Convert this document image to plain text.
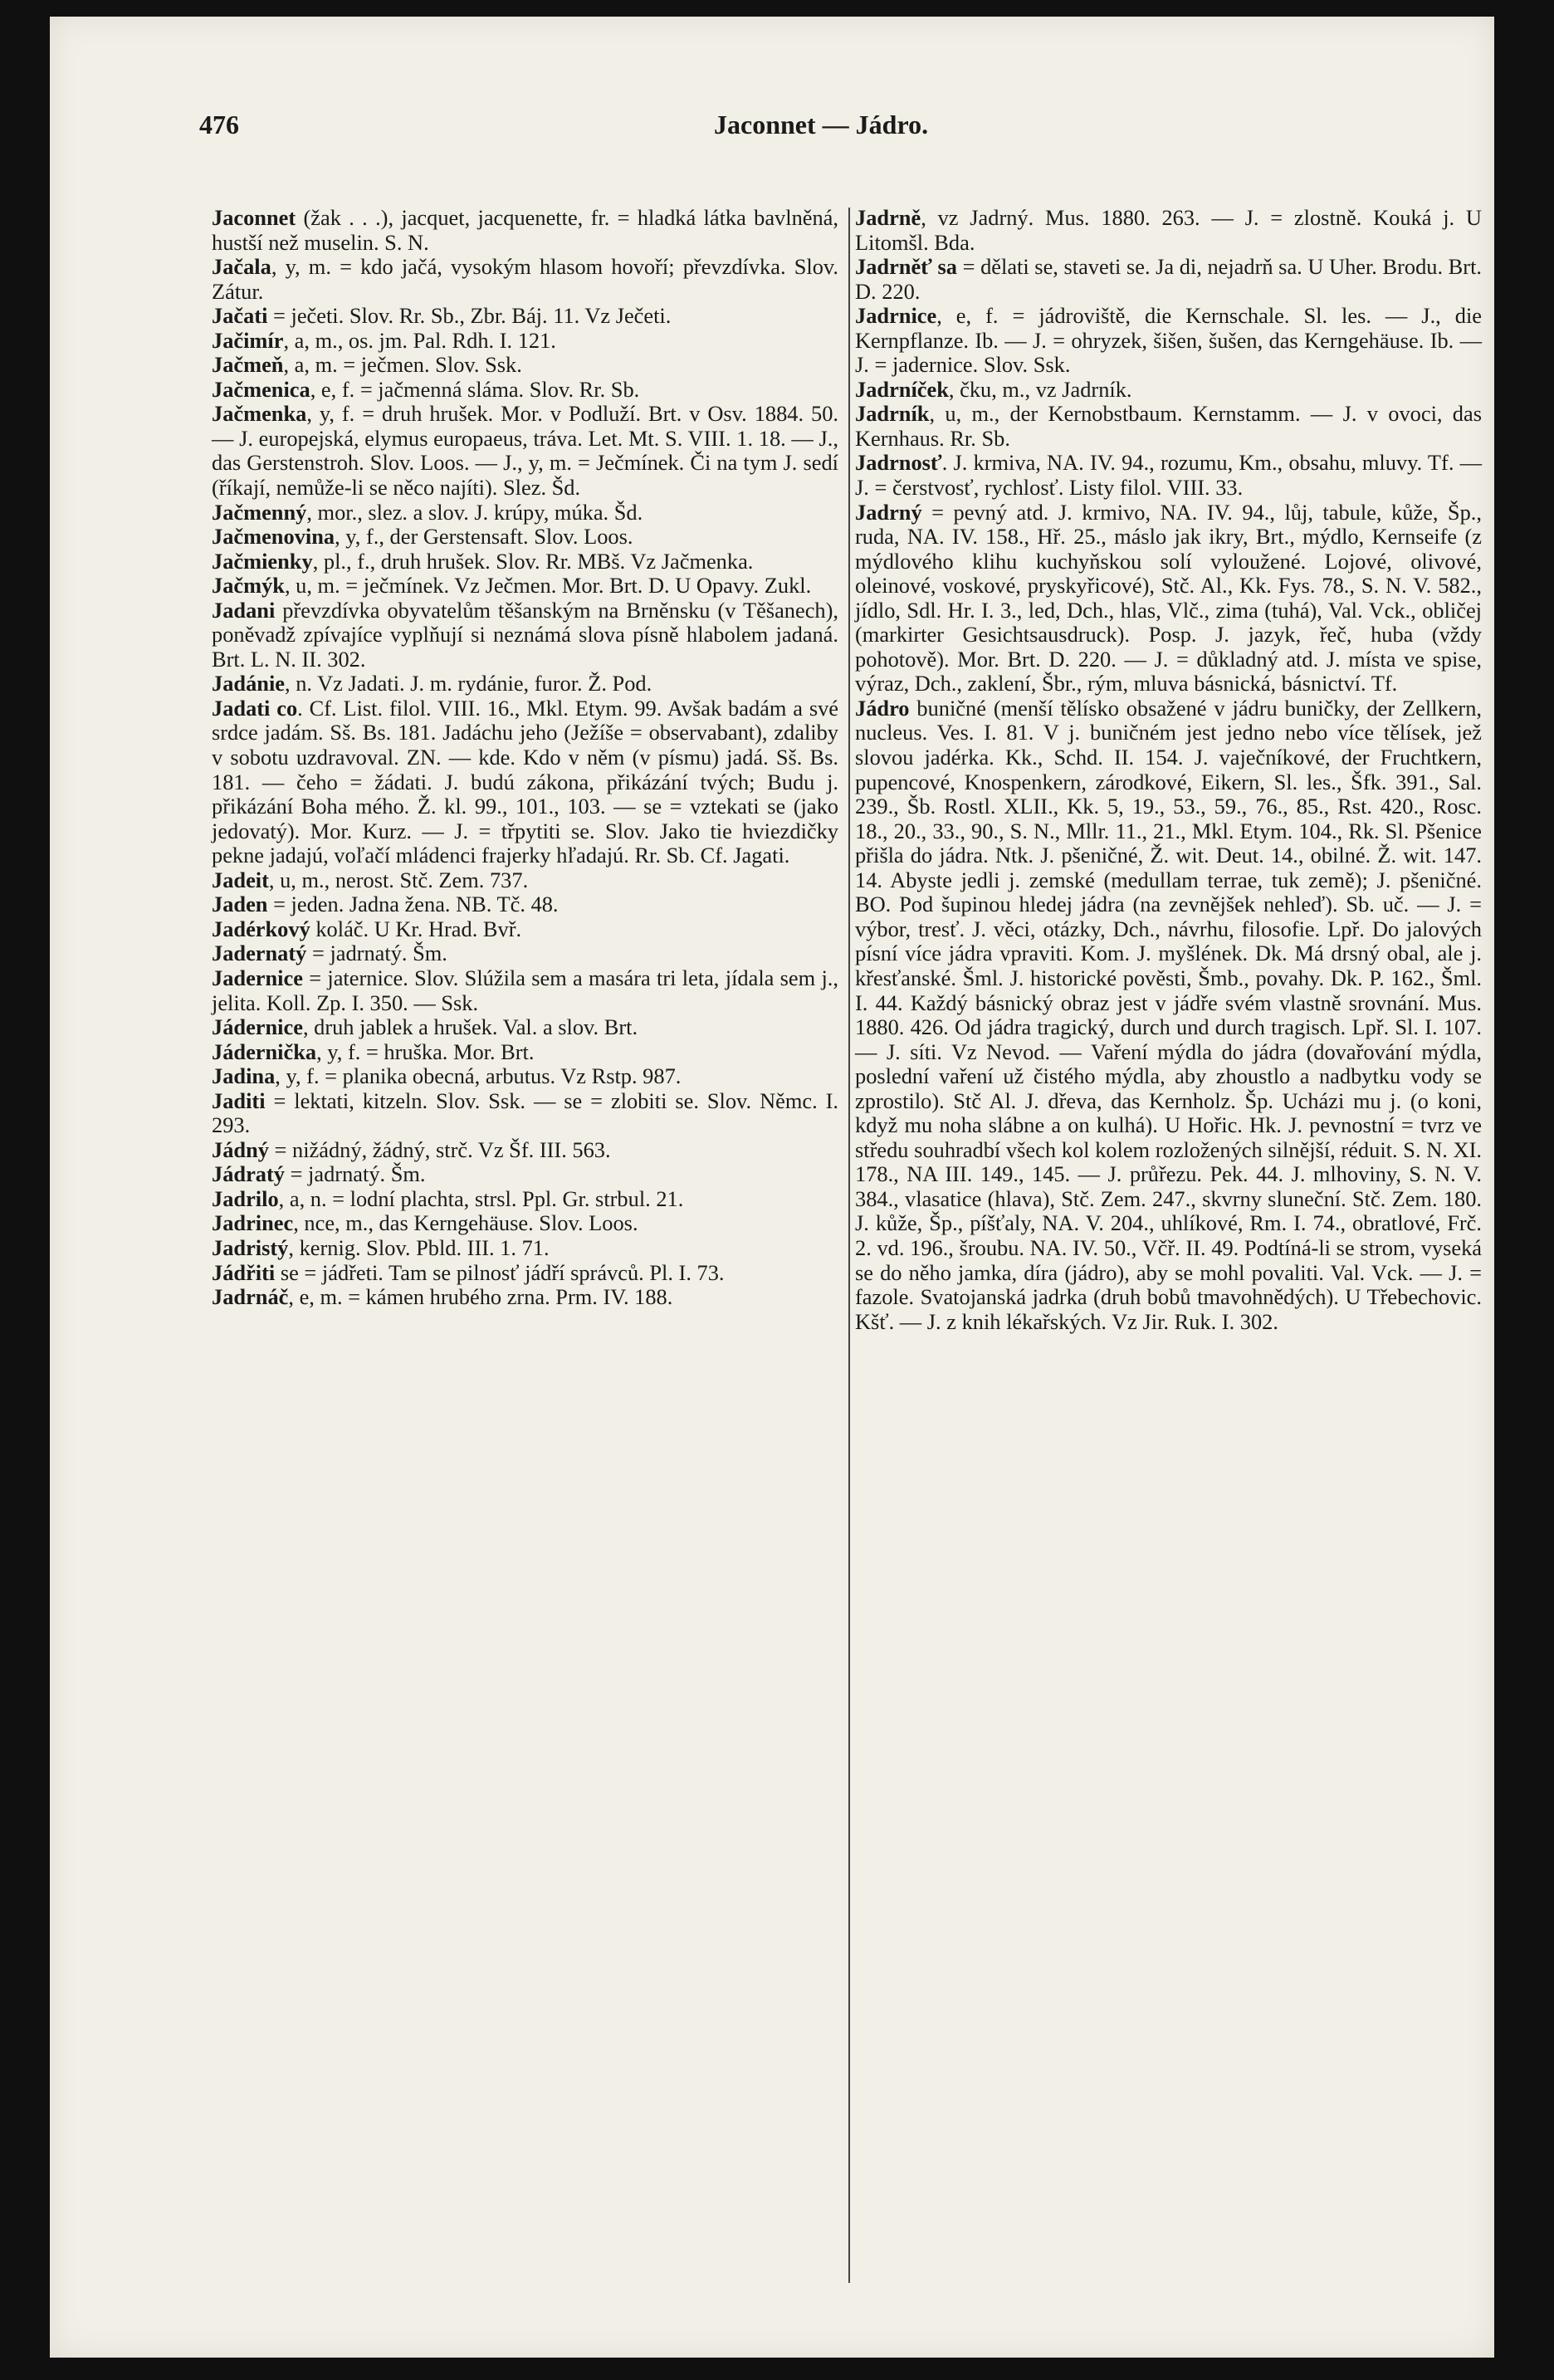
476	Jaconnet — Jádro.

Jaconnet (žak . . .), jacquet, jacquenette, fr. = hladká látka bavlněná, hustší než muselin. S. N.

Jačala, y, m. = kdo jačá, vysokým hlasom hovoří; převzdívka. Slov. Zátur.

Jačati = ječeti. Slov. Rr. Sb., Zbr. Báj. 11. Vz Ječeti.

Jačimír, a, m., os. jm. Pal. Rdh. I. 121.

Jačmeň, a, m. = ječmen. Slov. Ssk.

Jačmenica, e, f. = jačmenná sláma. Slov. Rr. Sb.

Jačmenka, y, f. = druh hrušek. Mor. v Podluží. Brt. v Osv. 1884. 50. — J. europejská, elymus europaeus, tráva. Let. Mt. S. VIII. 1. 18. — J., das Gerstenstroh. Slov. Loos. — J., y, m. = Ječmínek. Či na tym J. sedí (říkají, nemůže-li se něco najíti). Slez. Šd.

Jačmenný, mor., slez. a slov. J. krúpy, múka. Šd.

Jačmenovina, y, f., der Gerstensaft. Slov. Loos.

Jačmienky, pl., f., druh hrušek. Slov. Rr. MBš. Vz Jačmenka.

Jačmýk, u, m. = ječmínek. Vz Ječmen. Mor. Brt. D. U Opavy. Zukl.

Jadani převzdívka obyvatelům těšanským na Brněnsku (v Těšanech), poněvadž zpívajíce vyplňují si neznámá slova písně hlabolem jadaná. Brt. L. N. II. 302.

Jadánie, n. Vz Jadati. J. m. rydánie, furor. Ž. Pod.

Jadati co. Cf. List. filol. VIII. 16., Mkl. Etym. 99. Avšak badám a své srdce jadám. Sš. Bs. 181. Jadáchu jeho (Ježíše = observabant), zdaliby v sobotu uzdravoval. ZN. — kde. Kdo v něm (v písmu) jadá. Sš. Bs. 181. — čeho = žádati. J. budú zákona, přikázání tvých; Budu j. přikázání Boha mého. Ž. kl. 99., 101., 103. — se = vztekati se (jako jedovatý). Mor. Kurz. — J. = třpytiti se. Slov. Jako tie hviezdičky pekne jadajú, voľačí mládenci frajerky hľadajú. Rr. Sb. Cf. Jagati.

Jadeit, u, m., nerost. Stč. Zem. 737.

Jaden = jeden. Jadna žena. NB. Tč. 48.

Jadérkový koláč. U Kr. Hrad. Bvř.

Jadernatý = jadrnatý. Šm.

Jadernice = jaternice. Slov. Slúžila sem a masára tri leta, jídala sem j., jelita. Koll. Zp. I. 350. — Ssk.

Jádernice, druh jablek a hrušek. Val. a slov. Brt.

Jádernička, y, f. = hruška. Mor. Brt.

Jadina, y, f. = planika obecná, arbutus. Vz Rstp. 987.

Jaditi = lektati, kitzeln. Slov. Ssk. — se = zlobiti se. Slov. Němc. I. 293.

Jádný = nižádný, žádný, strč. Vz Šf. III. 563.

Jádratý = jadrnatý. Šm.

Jadrilo, a, n. = lodní plachta, strsl. Ppl. Gr. strbul. 21.

Jadrinec, nce, m., das Kerngehäuse. Slov. Loos.

Jadristý, kernig. Slov. Pbld. III. 1. 71.

Jádřiti se = jádřeti. Tam se pilnosť jádří správců. Pl. I. 73.

Jadrnáč, e, m. = kámen hrubého zrna. Prm. IV. 188.

Jadrně, vz Jadrný. Mus. 1880. 263. — J. = zlostně. Kouká j. U Litomšl. Bda.

Jadrněť sa = dělati se, staveti se. Ja di, nejadrň sa. U Uher. Brodu. Brt. D. 220.

Jadrnice, e, f. = jádroviště, die Kernschale. Sl. les. — J., die Kernpflanze. Ib. — J. = ohryzek, šišen, šušen, das Kerngehäuse. Ib. — J. = jadernice. Slov. Ssk.

Jadrníček, čku, m., vz Jadrník.

Jadrník, u, m., der Kernobstbaum. Kernstamm. — J. v ovoci, das Kernhaus. Rr. Sb.

Jadrnosť. J. krmiva, NA. IV. 94., rozumu, Km., obsahu, mluvy. Tf. — J. = čerstvosť, rychlosť. Listy filol. VIII. 33.

Jadrný = pevný atd. J. krmivo, NA. IV. 94., lůj, tabule, kůže, Šp., ruda, NA. IV. 158., Hř. 25., máslo jak ikry, Brt., mýdlo, Kernseife (z mýdlového klihu kuchyňskou solí vyloužené. Lojové, olivové, oleinové, voskové, pryskyřicové), Stč. Al., Kk. Fys. 78., S. N. V. 582., jídlo, Sdl. Hr. I. 3., led, Dch., hlas, Vlč., zima (tuhá), Val. Vck., obličej (markirter Gesichtsausdruck). Posp. J. jazyk, řeč, huba (vždy pohotově). Mor. Brt. D. 220. — J. = důkladný atd. J. místa ve spise, výraz, Dch., zaklení, Šbr., rým, mluva básnická, básnictví. Tf.

Jádro buničné (menší tělísko obsažené v jádru buničky, der Zellkern, nucleus. Ves. I. 81. V j. buničném jest jedno nebo více tělísek, jež slovou jadérka. Kk., Schd. II. 154. J. vaječníkové, der Fruchtkern, pupencové, Knospenkern, zárodkové, Eikern, Sl. les., Šfk. 391., Sal. 239., Šb. Rostl. XLII., Kk. 5, 19., 53., 59., 76., 85., Rst. 420., Rosc. 18., 20., 33., 90., S. N., Mllr. 11., 21., Mkl. Etym. 104., Rk. Sl. Pšenice přišla do jádra. Ntk. J. pšeničné, Ž. wit. Deut. 14., obilné. Ž. wit. 147. 14. Abyste jedli j. zemské (medullam terrae, tuk země); J. pšeničné. BO. Pod šupinou hledej jádra (na zevnějšek nehleď). Sb. uč. — J. = výbor, tresť. J. věci, otázky, Dch., návrhu, filosofie. Lpř. Do jalových písní více jádra vpraviti. Kom. J. myšlének. Dk. Má drsný obal, ale j. křesťanské. Šml. J. historické pověsti, Šmb., povahy. Dk. P. 162., Šml. I. 44. Každý básnický obraz jest v jádře svém vlastně srovnání. Mus. 1880. 426. Od jádra tragický, durch und durch tragisch. Lpř. Sl. I. 107. — J. síti. Vz Nevod. — Vaření mýdla do jádra (dovařování mýdla, poslední vaření už čistého mýdla, aby zhoustlo a nadbytku vody se zprostilo). Stč Al. J. dřeva, das Kernholz. Šp. Ucházi mu j. (o koni, když mu noha slábne a on kulhá). U Hořic. Hk. J. pevnostní = tvrz ve středu souhradbí všech kol kolem rozložených silnější, réduit. S. N. XI. 178., NA III. 149., 145. — J. průřezu. Pek. 44. J. mlhoviny, S. N. V. 384., vlasatice (hlava), Stč. Zem. 247., skvrny sluneční. Stč. Zem. 180. J. kůže, Šp., píšťaly, NA. V. 204., uhlíkové, Rm. I. 74., obratlové, Frč. 2. vd. 196., šroubu. NA. IV. 50., Včř. II. 49. Podtíná-li se strom, vyseká se do něho jamka, díra (jádro), aby se mohl povaliti. Val. Vck. — J. = fazole. Svatojanská jadrka (druh bobů tmavohnědých). U Třebechovic. Kšť. — J. z knih lékařských. Vz Jir. Ruk. I. 302.
